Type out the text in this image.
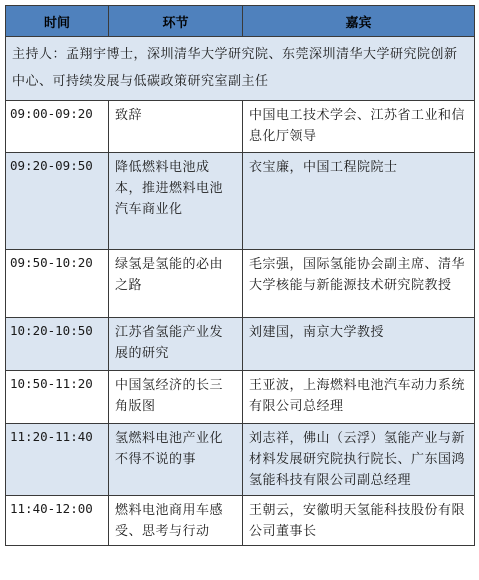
时间	环节	嘉宾
主持人：孟翔宇博士，深圳清华大学研究院、东莞深圳清华大学研究院创新中心、可持续发展与低碳政策研究室副主任		
09:00-09:20	致辞	中国电工技术学会、江苏省工业和信息化厅领导
09:20-09:50	降低燃料电池成本，推进燃料电池汽车商业化	衣宝廉，中国工程院院士
09:50-10:20	绿氢是氢能的必由之路	毛宗强，国际氢能协会副主席、清华大学核能与新能源技术研究院教授
10:20-10:50	江苏省氢能产业发展的研究	刘建国，南京大学教授
10:50-11:20	中国氢经济的长三角版图	王亚波，上海燃料电池汽车动力系统有限公司总经理
11:20-11:40	氢燃料电池产业化不得不说的事	刘志祥，佛山（云浮）氢能产业与新材料发展研究院执行院长、广东国鸿氢能科技有限公司副总经理
11:40-12:00	燃料电池商用车感受、思考与行动	王朝云，安徽明天氢能科技股份有限公司董事长
